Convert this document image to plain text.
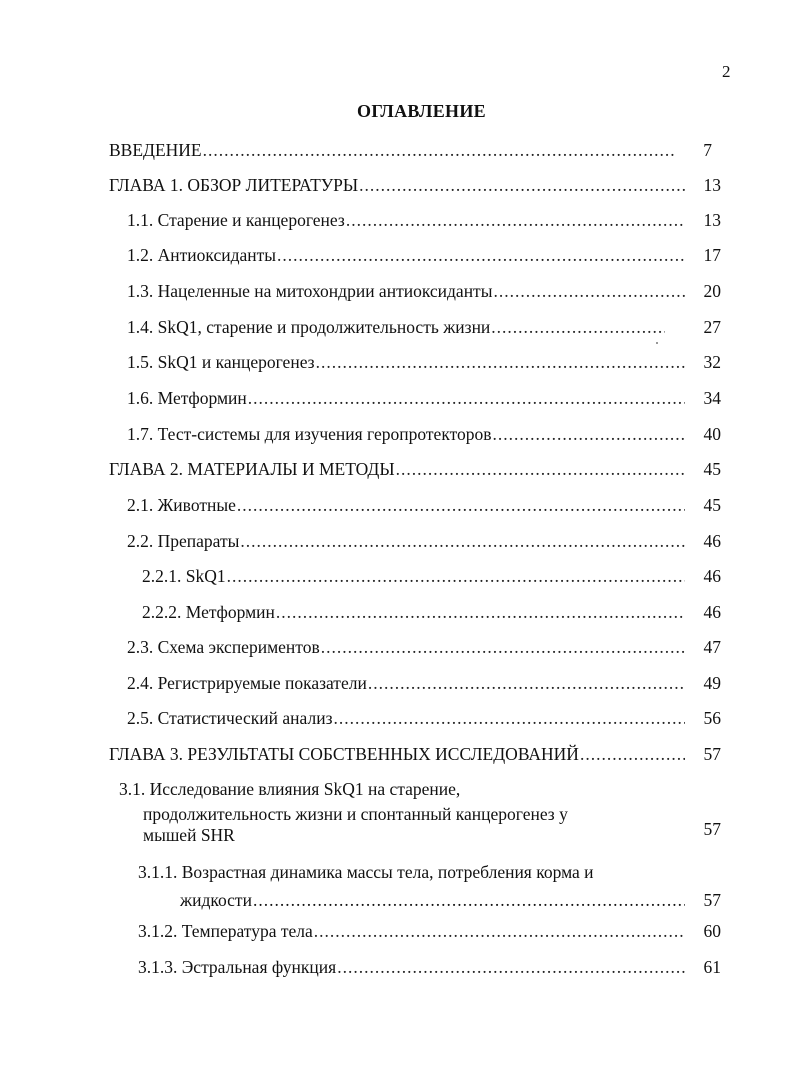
2
ОГЛАВЛЕНИЕ
ВВЕДЕНИЕ .....	7
ГЛАВА 1. ОБЗОР ЛИТЕРАТУРЫ .....	13
1.1. Старение и канцерогенез .....	13
1.2. Антиоксиданты .....	17
1.3. Нацеленные на митохондрии антиоксиданты .....	20
1.4. SkQ1, старение и продолжительность жизни .....	27
1.5. SkQ1 и канцерогенез .....	32
1.6. Метформин .....	34
1.7. Тест-системы для изучения геропротекторов .....	40
ГЛАВА 2. МАТЕРИАЛЫ И МЕТОДЫ .....	45
2.1. Животные .....	45
2.2. Препараты .....	46
2.2.1. SkQ1 .....	46
2.2.2. Метформин .....	46
2.3. Схема экспериментов .....	47
2.4. Регистрируемые показатели .....	49
2.5. Статистический анализ .....	56
ГЛАВА 3. РЕЗУЛЬТАТЫ СОБСТВЕННЫХ ИССЛЕДОВАНИЙ .....	57
3.1. Исследование влияния SkQ1 на старение,
продолжительность жизни и спонтанный канцерогенез у
мышей SHR	57
3.1.1. Возрастная динамика массы тела, потребления корма и
жидкости .....	57
3.1.2. Температура тела .....	60
3.1.3. Эстральная функция .....	61
